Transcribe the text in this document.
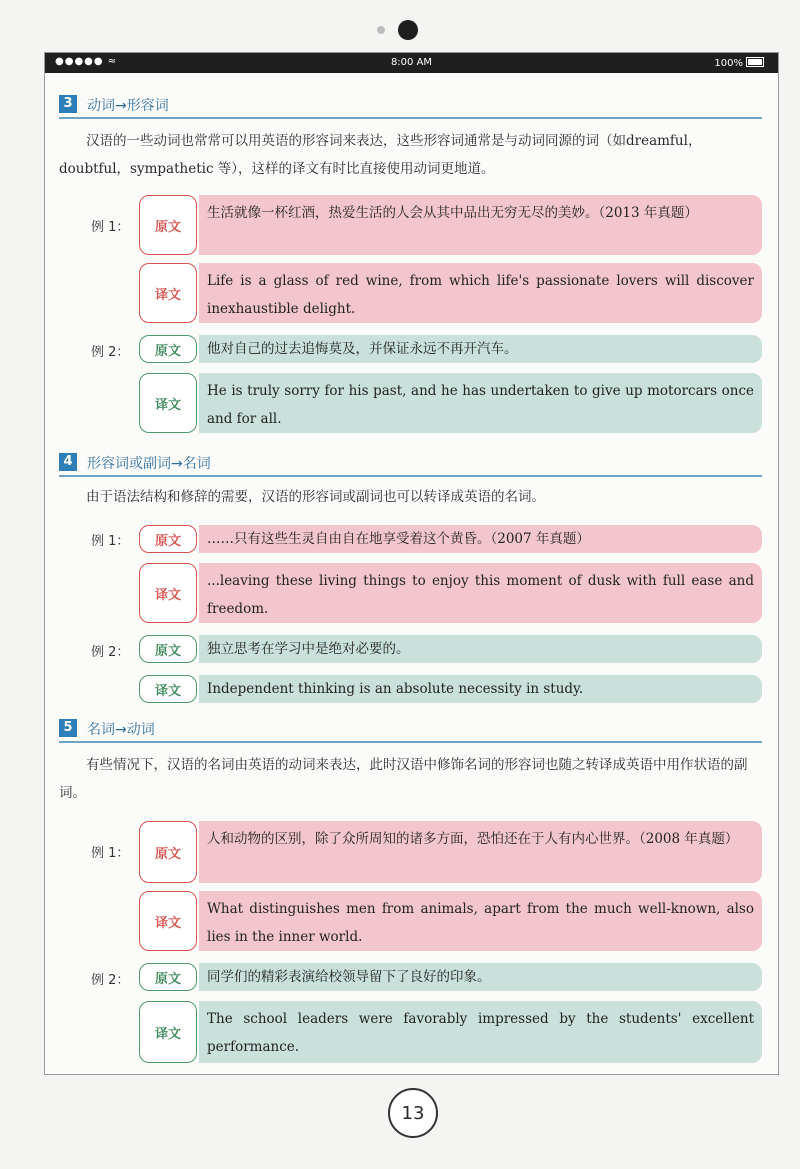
●●●●● ≈	8:00 AM	100%
3	动词→形容词

汉语的一些动词也常常可以用英语的形容词来表达，这些形容词通常是与动词同源的词（如dreamful，doubtful，sympathetic 等），这样的译文有时比直接使用动词更地道。

例 1：	原文

生活就像一杯红酒，热爱生活的人会从其中品出无穷无尽的美妙。（2013 年真题）

译文

Life is a glass of red wine, from which life's passionate lovers will discover inexhaustible delight.

例 2：	原文	他对自己的过去追悔莫及，并保证永远不再开汽车。

译文

He is truly sorry for his past, and he has undertaken to give up motorcars once and for all.

4	形容词或副词→名词

由于语法结构和修辞的需要，汉语的形容词或副词也可以转译成英语的名词。

例 1：	原文	……只有这些生灵自由自在地享受着这个黄昏。（2007 年真题）

译文

...leaving these living things to enjoy this moment of dusk with full ease and freedom.

例 2：	原文	独立思考在学习中是绝对必要的。

译文	Independent thinking is an absolute necessity in study.

5	名词→动词

有些情况下，汉语的名词由英语的动词来表达，此时汉语中修饰名词的形容词也随之转译成英语中用作状语的副词。

例 1：	原文

人和动物的区别，除了众所周知的诸多方面，恐怕还在于人有内心世界。（2008 年真题）

译文

What distinguishes men from animals, apart from the much well-known, also lies in the inner world.

例 2：	原文	同学们的精彩表演给校领导留下了良好的印象。

译文

The school leaders were favorably impressed by the students' excellent performance.

13
